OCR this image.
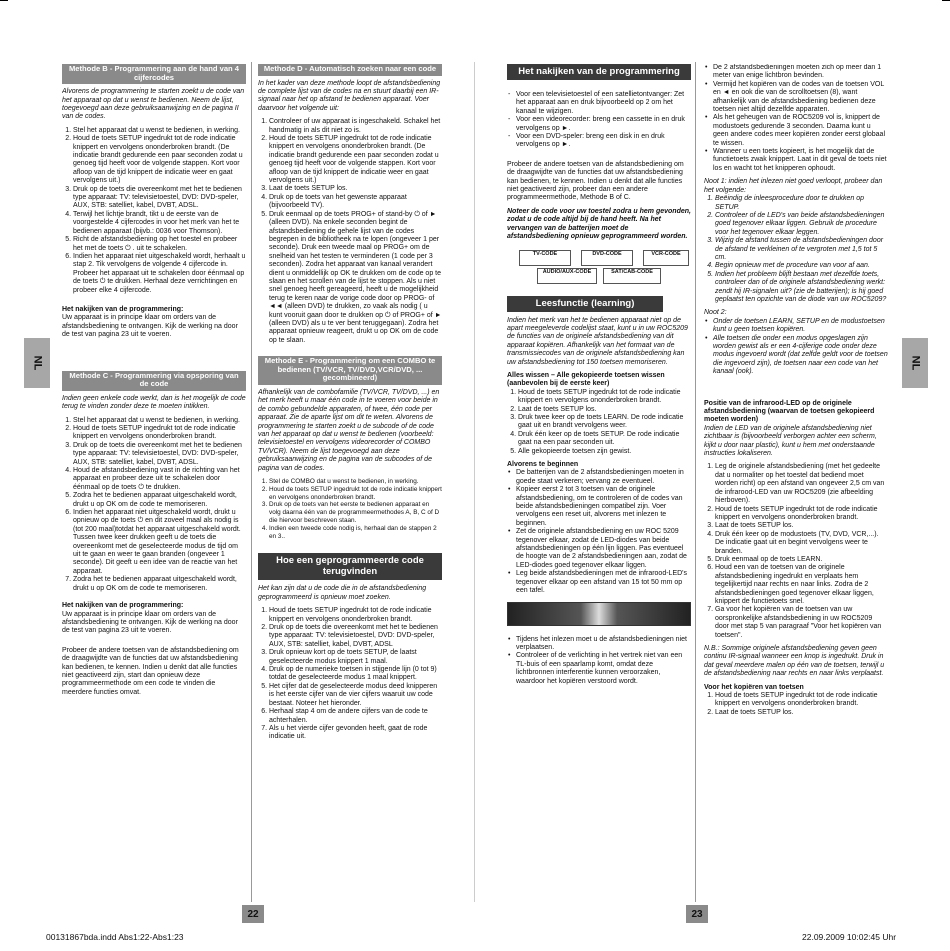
NL	NL
Methode B - Programmering aan de hand van 4 cijfercodes

Alvorens de programmering te starten zoekt u de code van het apparaat op dat u wenst te bedienen. Neem de lijst, toegevoegd aan deze gebruiksaanwijzing en de pagina II van de codes.

1. Stel het apparaat dat u wenst te bedienen, in werking.
2. Houd de toets SETUP ingedrukt tot de rode indicatie knippert en vervolgens ononderbroken brandt. (De indicatie brandt gedurende een paar seconden zodat u genoeg tijd heeft voor de volgende stappen. Kort voor afloop van de tijd knippert de indicatie weer en gaat vervolgens uit.)
3. Druk op de toets die overeenkomt met het te bedienen type apparaat: TV: televisietoestel, DVD: DVD-speler, AUX, STB: satelliet, kabel, DVBT, ADSL.
4. Terwijl het lichtje brandt, tikt u de eerste van de voorgestelde 4 cijfercodes in voor het merk van het te bedienen apparaat (bijvb.: 0036 voor Thomson).
5. Richt de afstandsbediening op het toestel en probeer het met de toets ⏻ . uit te schakelen.
6. Indien het apparaat niet uitgeschakeld wordt, herhaalt u stap 2. Tik vervolgens de volgende 4 cijfercode in. Probeer het apparaat uit te schakelen door éénmaal op de toets ⏻ te drukken. Herhaal deze verrichtingen en probeer elke 4 cijfercode.

Het nakijken van de programmering:

Uw apparaat is in principe klaar om orders van de afstandsbediening te ontvangen. Kijk de werking na door de test van pagina 23 uit te voeren.

Methode C - Programmering via opsporing van de code

Indien geen enkele code werkt, dan is het mogelijk de code terug te vinden zonder deze te moeten intikken.

1. Stel het apparaat dat u wenst te bedienen, in werking.
2. Houd de toets SETUP ingedrukt tot de rode indicatie knippert en vervolgens ononderbroken brandt.
3. Druk op de toets die overeenkomt met het te bedienen type apparaat: TV: televisietoestel, DVD: DVD-speler, AUX, STB: satelliet, kabel, DVBT, ADSL.
4. Houd de afstandsbediening vast in de richting van het apparaat en probeer deze uit te schakelen door éénmaal op de toets ⏻ te drukken.
5. Zodra het te bedienen apparaat uitgeschakeld wordt, drukt u op OK om de code te memoriseren.
6. Indien het apparaat niet uitgeschakeld wordt, drukt u opnieuw op de toets ⏻ en dit zoveel maal als nodig is (tot 200 maal)totdat het apparaat uitgeschakeld wordt. Tussen twee keer drukken geeft u de toets die overeenkomt met de geselecteerde modus de tijd om uit te gaan en weer te gaan branden (ongeveer 1 seconde). Dit geeft u een idee van de reactie van het apparaat.
7. Zodra het te bedienen apparaat uitgeschakeld wordt, drukt u op OK om de code te memoriseren.

Het nakijken van de programmering:

Uw apparaat is in principe klaar om orders van de afstandsbediening te ontvangen. Kijk de werking na door de test van pagina 23 uit te voeren.

Probeer de andere toetsen van de afstandsbediening om de draagwijdte van de functies dat uw afstandsbediening kan bedienen, te kennen. Indien u denkt dat alle functies niet geactiveerd zijn, start dan opnieuw deze programmeermethode om een code te vinden die meerdere functies omvat.

Methode D - Automatisch zoeken naar een code

In het kader van deze methode loopt de afstandsbediening de complete lijst van de codes na en stuurt daarbij een IR-signaal naar het op afstand te bedienen apparaat. Voer daarvoor het volgende uit:

1. Controleer of uw apparaat is ingeschakeld. Schakel het handmatig in als dit niet zo is.
2. Houd de toets SETUP ingedrukt tot de rode indicatie knippert en vervolgens ononderbroken brandt. (De indicatie brandt gedurende een paar seconden zodat u genoeg tijd heeft voor de volgende stappen. Kort voor afloop van de tijd knippert de indicatie weer en gaat vervolgens uit.)
3. Laat de toets SETUP los.
4. Druk op de toets van het gewenste apparaat (bijvoorbeeld TV).
5. Druk eenmaal op de toets PROG+ of stand-by ⏻ of ► (alleen DVD). Na enkele seconden begint de afstandsbediening de gehele lijst van de codes begrepen in de bibliotheek na te lopen (ongeveer 1 per seconde). Druk een tweede maal op PROG+ om de snelheid van het testen te verminderen (1 code per 3 seconden). Zodra het apparaat van kanaal verandert dient u onmiddellijk op OK te drukken om de code op te slaan en het scrollen van de lijst te stoppen. Als u niet snel genoeg heeft gereageerd, heeft u de mogelijkheid terug te keren naar de vorige code door op PROG- of ◄◄ (alleen DVD) te drukken, zo vaak als nodig ( u kunt vooruit gaan door te drukken op ⏻ of PROG+ of ► (alleen DVD) als u te ver bent teruggegaan). Zodra het apparaat opnieuw reageert, drukt u op OK om de code op te slaan.
Methode E - Programmering om een COMBO te bedienen (TV/VCR, TV/DVD,VCR/DVD, ... gecombineerd)

Afhankelijk van de combofamilie (TV/VCR, TV/DVD, ...) en het merk heeft u maar één code in te voeren voor beide in de combo gebundelde apparaten, of twee, één code per apparaat. Zie de aparte lijst om dit te weten. Alvorens de programmering te starten zoekt u de subcode of de code van het apparaat op dat u wenst te bedienen (voorbeeld: televisietoestel en vervolgens videorecorder of COMBO TV/VCR). Neem de lijst toegevoegd aan deze gebruiksaanwijzing en de pagina van de subcodes of de pagina van de codes.

1. Stel de COMBO dat u wenst te bedienen, in werking.
2. Houd de toets SETUP ingedrukt tot de rode indicatie knippert en vervolgens ononderbroken brandt.
3. Druk op de toets van het eerste te bedienen apparaat en volg daarna één van de programmeermethodes A, B, C of D die hiervoor beschreven staan.
4. Indien een tweede code nodig is, herhaal dan de stappen 2 en 3..
Hoe een geprogrammeerde code terugvinden

Het kan zijn dat u de code die in de afstandsbediening geprogrammeerd is opnieuw moet zoeken.

1. Houd de toets SETUP ingedrukt tot de rode indicatie knippert en vervolgens ononderbroken brandt.
2. Druk op de toets die overeenkomt met het te bedienen type apparaat: TV: televisietoestel, DVD: DVD-speler, AUX, STB: satelliet, kabel, DVBT, ADSL
3. Druk opnieuw kort op de toets SETUP, de laatst geselecteerde modus knippert 1 maal.
4. Druk op de numerieke toetsen in stijgende lijn (0 tot 9) totdat de geselecteerde modus 1 maal knippert.
5. Het cijfer dat de geselecteerde modus deed knipperen is het eerste cijfer van de vier cijfers waaruit uw code bestaat. Noteer het hieronder.
6. Herhaal stap 4 om de andere cijfers van de code te achterhalen.
7. Als u het vierde cijfer gevonden heeft, gaat de rode indicatie uit.
Het nakijken van de programmering
- Voor een televisietoestel of een satellietontvanger: Zet het apparaat aan en druk bijvoorbeeld op 2 om het kanaal te wijzigen.
- Voor een videorecorder: breng een cassette in en druk vervolgens op ►.
- Voor een DVD-speler: breng een disk in en druk vervolgens op ►.

Probeer de andere toetsen van de afstandsbediening om de draagwijdte van de functies dat uw afstandsbediening kan bedienen, te kennen. Indien u denkt dat alle functies niet geactiveerd zijn, probeer dan een andere programmeermethode, Methode B of C.

Noteer de code voor uw toestel zodra u hem gevonden, zodat u de code altijd bij de hand heeft. Na het vervangen van de batterijen moet de afstandsbediening opnieuw geprogrammeerd worden.

TV-CODE	DVD-CODE	VCR-CODE
AUDIO/AUX-CODE	SAT/CAB-CODE
Leesfunctie (learning)

Indien het merk van het te bedienen apparaat niet op de apart meegeleverde codelijst staat, kunt u in uw ROC5209 de functies van de originele afstandsbediening van dit apparaat kopiëren. Afhankelijk van het formaat van de transmissiecodes van de originele afstandsbediening kan uw afstandsbediening tot 150 toetsen memoriseren.

Alles wissen – Alle gekopieerde toetsen wissen (aanbevolen bij de eerste keer)

1. Houd de toets SETUP ingedrukt tot de rode indicatie knippert en vervolgens ononderbroken brandt.
2. Laat de toets SETUP los.
3. Druk twee keer op de toets LEARN. De rode indicatie gaat uit en brandt vervolgens weer.
4. Druk één keer op de toets SETUP. De rode indicatie gaat na een paar seconden uit.
5. Alle gekopieerde toetsen zijn gewist.

Alvorens te beginnen

• De batterijen van de 2 afstandsbedieningen moeten in goede staat verkeren; vervang ze eventueel.
• Kopieer eerst 2 tot 3 toetsen van de originele afstandsbediening, om te controleren of de codes van beide afstandsbedieningen compatibel zijn. Voer vervolgens een reset uit, alvorens met inlezen te beginnen.
• Zet de originele afstandsbediening en uw ROC 5209 tegenover elkaar, zodat de LED-diodes van beide afstandsbedieningen op één lijn liggen. Pas eventueel de hoogte van de 2 afstandsbedieningen aan, zodat de LED-diodes goed tegenover elkaar liggen.
• Leg beide afstandsbedieningen met de infrarood-LED's tegenover elkaar op een afstand van 15 tot 50 mm op een tafel.
• Tijdens het inlezen moet u de afstandsbedieningen niet verplaatsen.
• Controleer of de verlichting in het vertrek niet van een TL-buis of een spaarlamp komt, omdat deze lichtbronnen interferentie kunnen veroorzaken, waardoor het kopiëren verstoord wordt.
• De 2 afstandsbedieningen moeten zich op meer dan 1 meter van enige lichtbron bevinden.
• Vermijd het kopiëren van de codes van de toetsen VOL en ◄ en ook die van de scrolltoetsen (8), want afhankelijk van de afstandsbediening bedienen deze toetsen niet altijd dezelfde apparaten.
• Als het geheugen van de ROC5209 vol is, knippert de modustoets gedurende 3 seconden. Daarna kunt u geen andere codes meer kopiëren zonder eerst globaal te wissen.
• Wanneer u een toets kopieert, is het mogelijk dat de functietoets zwak knippert. Laat in dit geval de toets niet los en wacht tot het knipperen ophoudt.

Noot 1: indien het inlezen niet goed verloopt, probeer dan het volgende:

1. Beëindig de inleesprocedure door te drukken op SETUP.
2. Controleer of de LED's van beide afstandsbedieningen goed tegenover elkaar liggen. Gebruik de procedure voor het tegenover elkaar leggen.
3. Wijzig de afstand tussen de afstandsbedieningen door de afstand te verkleinen of te vergroten met 1,5 tot 5 cm.
4. Begin opnieuw met de procedure van voor af aan.
5. Indien het probleem blijft bestaan met dezelfde toets, controleer dan of de originele afstandsbediening werkt: zendt hij IR-signalen uit? (zie de batterijen); is hij goed geplaatst ten opzichte van de diode van uw ROC5209?

Noot 2:

• Onder de toetsen LEARN, SETUP en de modustoetsen kunt u geen toetsen kopiëren.
• Alle toetsen die onder een modus opgeslagen zijn worden gewist als er een 4-cijferige code onder deze modus ingevoerd wordt (dat zelfde geldt voor de toetsen die ingevoerd zijn), de toetsen naar een code van het kanaal (ook).

Positie van de infrarood-LED op de originele afstandsbediening (waarvan de toetsen gekopieerd moeten worden)

Indien de LED van de originele afstandsbediening niet zichtbaar is (bijvoorbeeld verborgen achter een scherm, kijkt u door naar plastic), kunt u hem met onderstaande instructies lokaliseren.

1. Leg de originele afstandsbediening (met het gedeelte dat u normaliter op het toestel dat bediend moet worden richt) op een afstand van ongeveer 2,5 cm van de infrarood-LED van uw ROC5209 (zie afbeelding hierboven).
2. Houd de toets SETUP ingedrukt tot de rode indicatie knippert en vervolgens ononderbroken brandt.
3. Laat de toets SETUP los.
4. Druk één keer op de modustoets (TV, DVD, VCR,...). De indicatie gaat uit en begint vervolgens weer te branden.
5. Druk eenmaal op de toets LEARN.
6. Houd een van de toetsen van de originele afstandsbediening ingedrukt en verplaats hem tegelijkertijd naar rechts en naar links. Zodra de 2 afstandsbedieningen goed tegenover elkaar liggen, knippert de functietoets snel.
7. Ga voor het kopiëren van de toetsen van uw oorspronkelijke afstandsbediening in uw ROC5209 door met stap 5 van paragraaf "Voor het kopiëren van toetsen".

N.B.: Sommige originele afstandsbediening geven geen continu IR-signaal wanneer een knop is ingedrukt. Druk in dat geval meerdere malen op één van de toetsen, terwijl u de afstandsbediening naar rechts en naar links verplaatst.

Voor het kopiëren van toetsen

1. Houd de toets SETUP ingedrukt tot de rode indicatie knippert en vervolgens ononderbroken brandt.
2. Laat de toets SETUP los.
22	23
00131867bda.indd Abs1:22-Abs1:23	22.09.2009 10:02:45 Uhr
